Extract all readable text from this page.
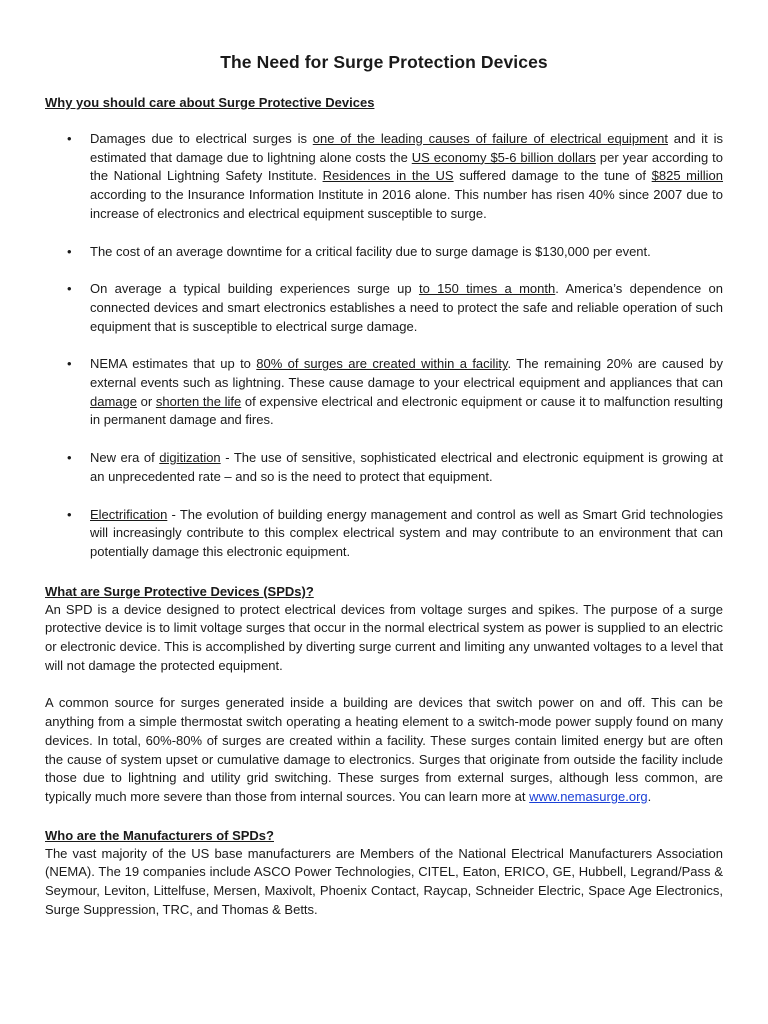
The Need for Surge Protection Devices
Why you should care about Surge Protective Devices
• Damages due to electrical surges is one of the leading causes of failure of electrical equipment and it is estimated that damage due to lightning alone costs the US economy $5-6 billion dollars per year according to the National Lightning Safety Institute. Residences in the US suffered damage to the tune of $825 million according to the Insurance Information Institute in 2016 alone. This number has risen 40% since 2007 due to increase of electronics and electrical equipment susceptible to surge.
• The cost of an average downtime for a critical facility due to surge damage is $130,000 per event.
• On average a typical building experiences surge up to 150 times a month. America’s dependence on connected devices and smart electronics establishes a need to protect the safe and reliable operation of such equipment that is susceptible to electrical surge damage.
• NEMA estimates that up to 80% of surges are created within a facility. The remaining 20% are caused by external events such as lightning. These cause damage to your electrical equipment and appliances that can damage or shorten the life of expensive electrical and electronic equipment or cause it to malfunction resulting in permanent damage and fires.
• New era of digitization - The use of sensitive, sophisticated electrical and electronic equipment is growing at an unprecedented rate – and so is the need to protect that equipment.
• Electrification - The evolution of building energy management and control as well as Smart Grid technologies will increasingly contribute to this complex electrical system and may contribute to an environment that can potentially damage this electronic equipment.
What are Surge Protective Devices (SPDs)?

An SPD is a device designed to protect electrical devices from voltage surges and spikes. The purpose of a surge protective device is to limit voltage surges that occur in the normal electrical system as power is supplied to an electric or electronic device. This is accomplished by diverting surge current and limiting any unwanted voltages to a level that will not damage the protected equipment.

A common source for surges generated inside a building are devices that switch power on and off. This can be anything from a simple thermostat switch operating a heating element to a switch-mode power supply found on many devices. In total, 60%-80% of surges are created within a facility. These surges contain limited energy but are often the cause of system upset or cumulative damage to electronics. Surges that originate from outside the facility include those due to lightning and utility grid switching. These surges from external surges, although less common, are typically much more severe than those from internal sources. You can learn more at www.nemasurge.org.

Who are the Manufacturers of SPDs?

The vast majority of the US base manufacturers are Members of the National Electrical Manufacturers Association (NEMA). The 19 companies include ASCO Power Technologies, CITEL, Eaton, ERICO, GE, Hubbell, Legrand/Pass & Seymour, Leviton, Littelfuse, Mersen, Maxivolt, Phoenix Contact, Raycap, Schneider Electric, Space Age Electronics, Surge Suppression, TRC, and Thomas & Betts.
